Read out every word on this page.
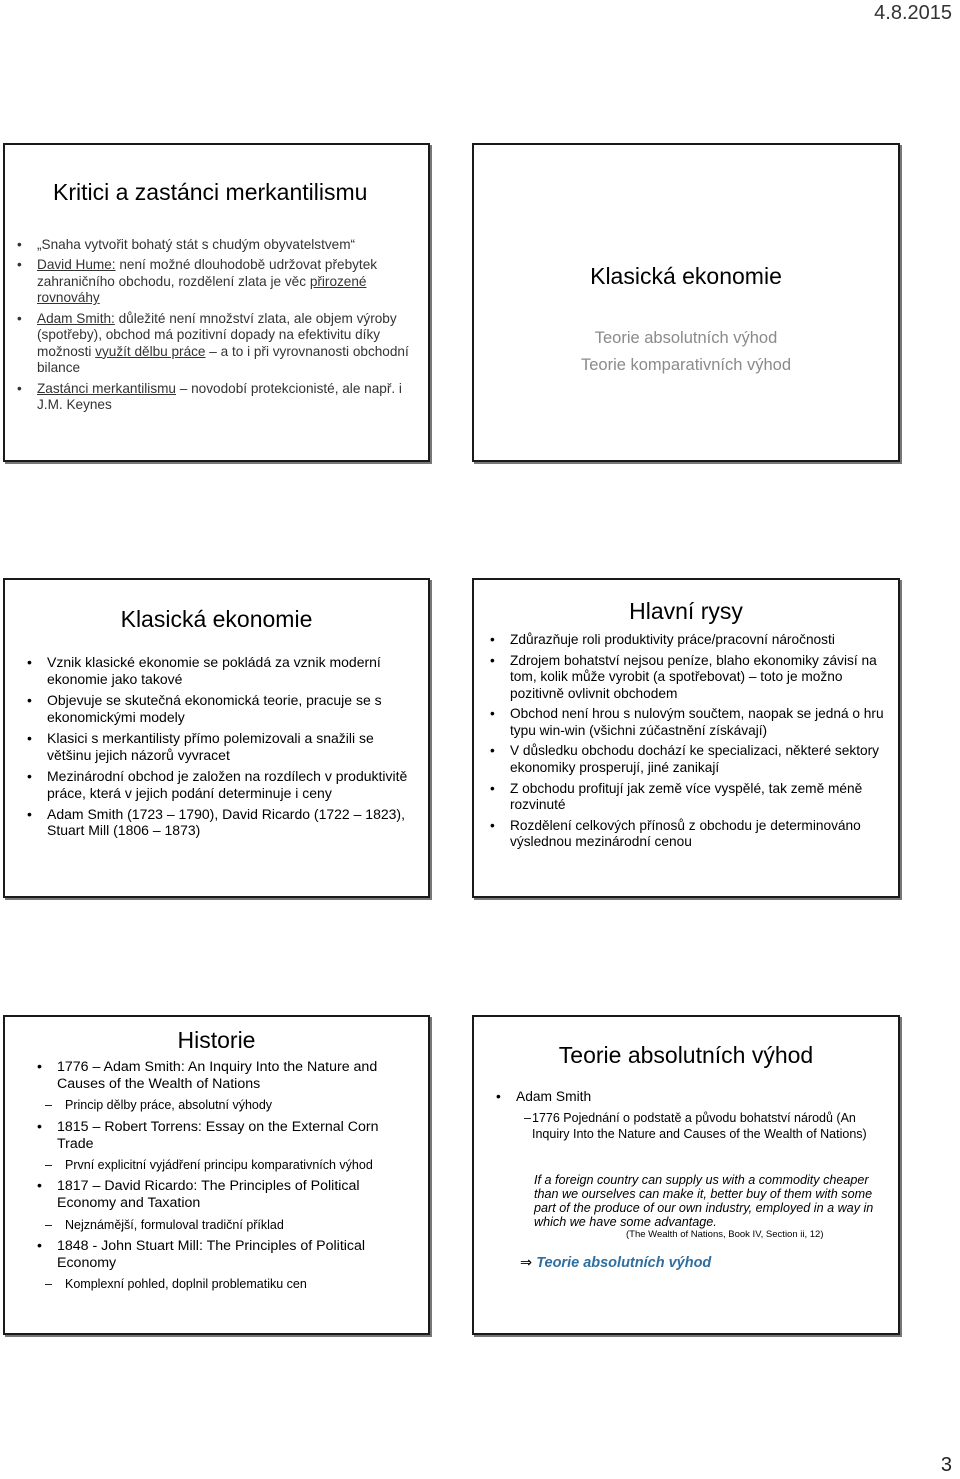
4.8.2015
Kritici a zastánci merkantilismu
• „Snaha vytvořit bohatý stát s chudým obyvatelstvem“
• David Hume: není možné dlouhodobě udržovat přebytek zahraničního obchodu, rozdělení zlata je věc přirozené rovnováhy
• Adam Smith: důležité není množství zlata, ale objem výroby (spotřeby), obchod má pozitivní dopady na efektivitu díky možnosti využít dělbu práce – a to i při vyrovnanosti obchodní bilance
• Zastánci merkantilismu – novodobí protekcionisté, ale např. i J.M. Keynes
Klasická ekonomie
Teorie absolutních výhod
Teorie komparativních výhod
Klasická ekonomie
• Vznik klasické ekonomie se pokládá za vznik moderní ekonomie jako takové
• Objevuje se skutečná ekonomická teorie, pracuje se s ekonomickými modely
• Klasici s merkantilisty přímo polemizovali a snažili se většinu jejich názorů vyvracet
• Mezinárodní obchod je založen na rozdílech v produktivitě práce, která v jejich podání determinuje i ceny
• Adam Smith (1723 – 1790), David Ricardo (1722 – 1823), Stuart Mill (1806 – 1873)
Hlavní rysy
• Zdůrazňuje roli produktivity práce/pracovní náročnosti
• Zdrojem bohatství nejsou peníze, blaho ekonomiky závisí na tom, kolik může vyrobit (a spotřebovat) – toto je možno pozitivně ovlivnit obchodem
• Obchod není hrou s nulovým součtem, naopak se jedná o hru typu win-win (všichni zúčastnění získávají)
• V důsledku obchodu dochází ke specializaci, některé sektory ekonomiky prosperují, jiné zanikají
• Z obchodu profitují jak země více vyspělé, tak země méně rozvinuté
• Rozdělení celkových přínosů z obchodu je determinováno výslednou mezinárodní cenou
Historie
• 1776 – Adam Smith: An Inquiry Into the Nature and Causes of the Wealth of Nations
– Princip dělby práce, absolutní výhody
• 1815 – Robert Torrens: Essay on the External Corn Trade
– První explicitní vyjádření principu komparativních výhod
• 1817 – David Ricardo: The Principles of Political Economy and Taxation
– Nejznámější, formuloval tradiční příklad
• 1848 - John Stuart Mill: The Principles of Political Economy
– Komplexní pohled, doplnil problematiku cen
Teorie absolutních výhod
• Adam Smith
– 1776 Pojednání o podstatě a původu bohatství národů (An Inquiry Into the Nature and Causes of the Wealth of Nations)
If a foreign country can supply us with a commodity cheaper than we ourselves can make it, better buy of them with some part of the produce of our own industry, employed in a way in which we have some advantage.
(The Wealth of Nations, Book IV, Section ii, 12)
⇒ Teorie absolutních výhod
3
